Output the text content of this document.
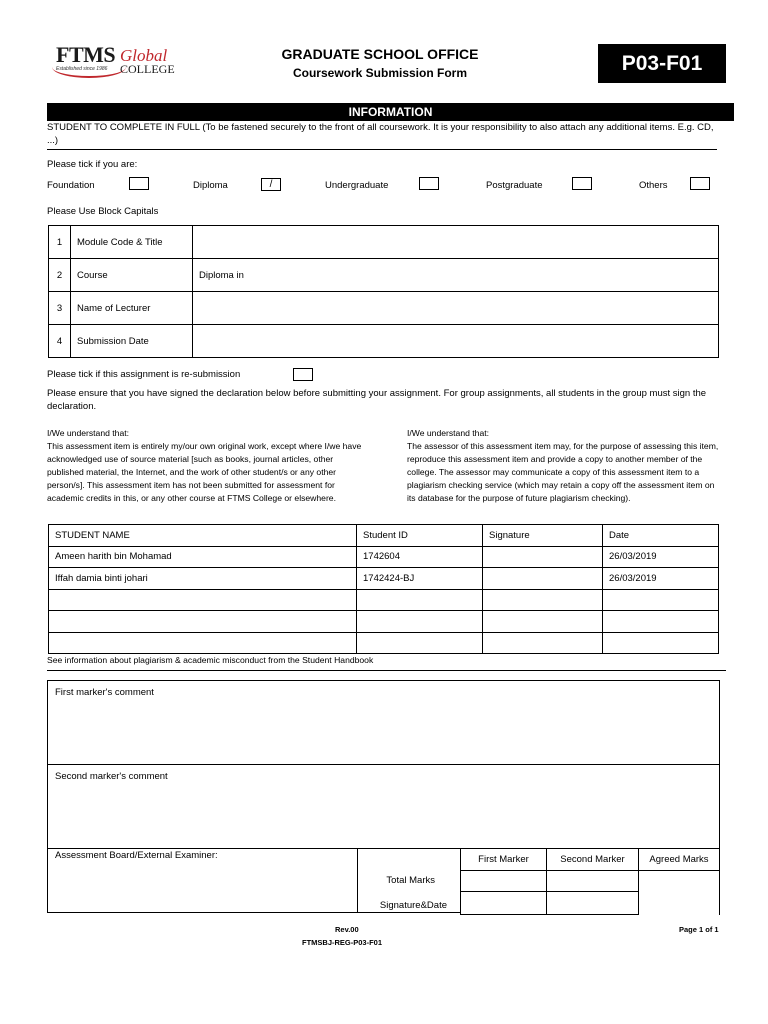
FTMS Global
COLLEGE
Established since 1986
GRADUATE SCHOOL OFFICE
Coursework Submission Form	P03-F01
INFORMATION
STUDENT TO COMPLETE IN FULL (To be fastened securely to the front of all coursework. It is your responsibility to also attach any additional items. E.g. CD, ...)
Please tick if you are:
Foundation	Diploma	/	Undergraduate	Postgraduate	Others
Please Use Block Capitals
1	Module Code & Title	
2	Course	Diploma in
3	Name of Lecturer	
4	Submission Date	
Please tick if this assignment is re-submission
Please ensure that you have signed the declaration below before submitting your assignment. For group assignments, all students in the group must sign the declaration.
I/We understand that:
This assessment item is entirely my/our own original work, except where I/we have acknowledged use of source material [such as books, journal articles, other published material, the Internet, and the work of other student/s or any other person/s]. This assessment item has not been submitted for assessment for academic credits in this, or any other course at FTMS College or elsewhere.
I/We understand that:
The assessor of this assessment item may, for the purpose of assessing this item, reproduce this assessment item and provide a copy to another member of the college. The assessor may communicate a copy of this assessment item to a plagiarism checking service (which may retain a copy off the assessment item on its database for the purpose of future plagiarism checking).
STUDENT NAME	Student ID	Signature	Date
Ameen harith bin Mohamad	1742604		26/03/2019
Iffah damia binti johari	1742424-BJ		26/03/2019

See information about plagiarism & academic misconduct from the Student Handbook
First marker's comment
Second marker's comment
Assessment Board/External Examiner:
Total Marks
Signature&Date
First Marker	Second Marker	Agreed Marks

Rev.00
FTMSBJ-REG-P03-F01
Page 1 of 1
